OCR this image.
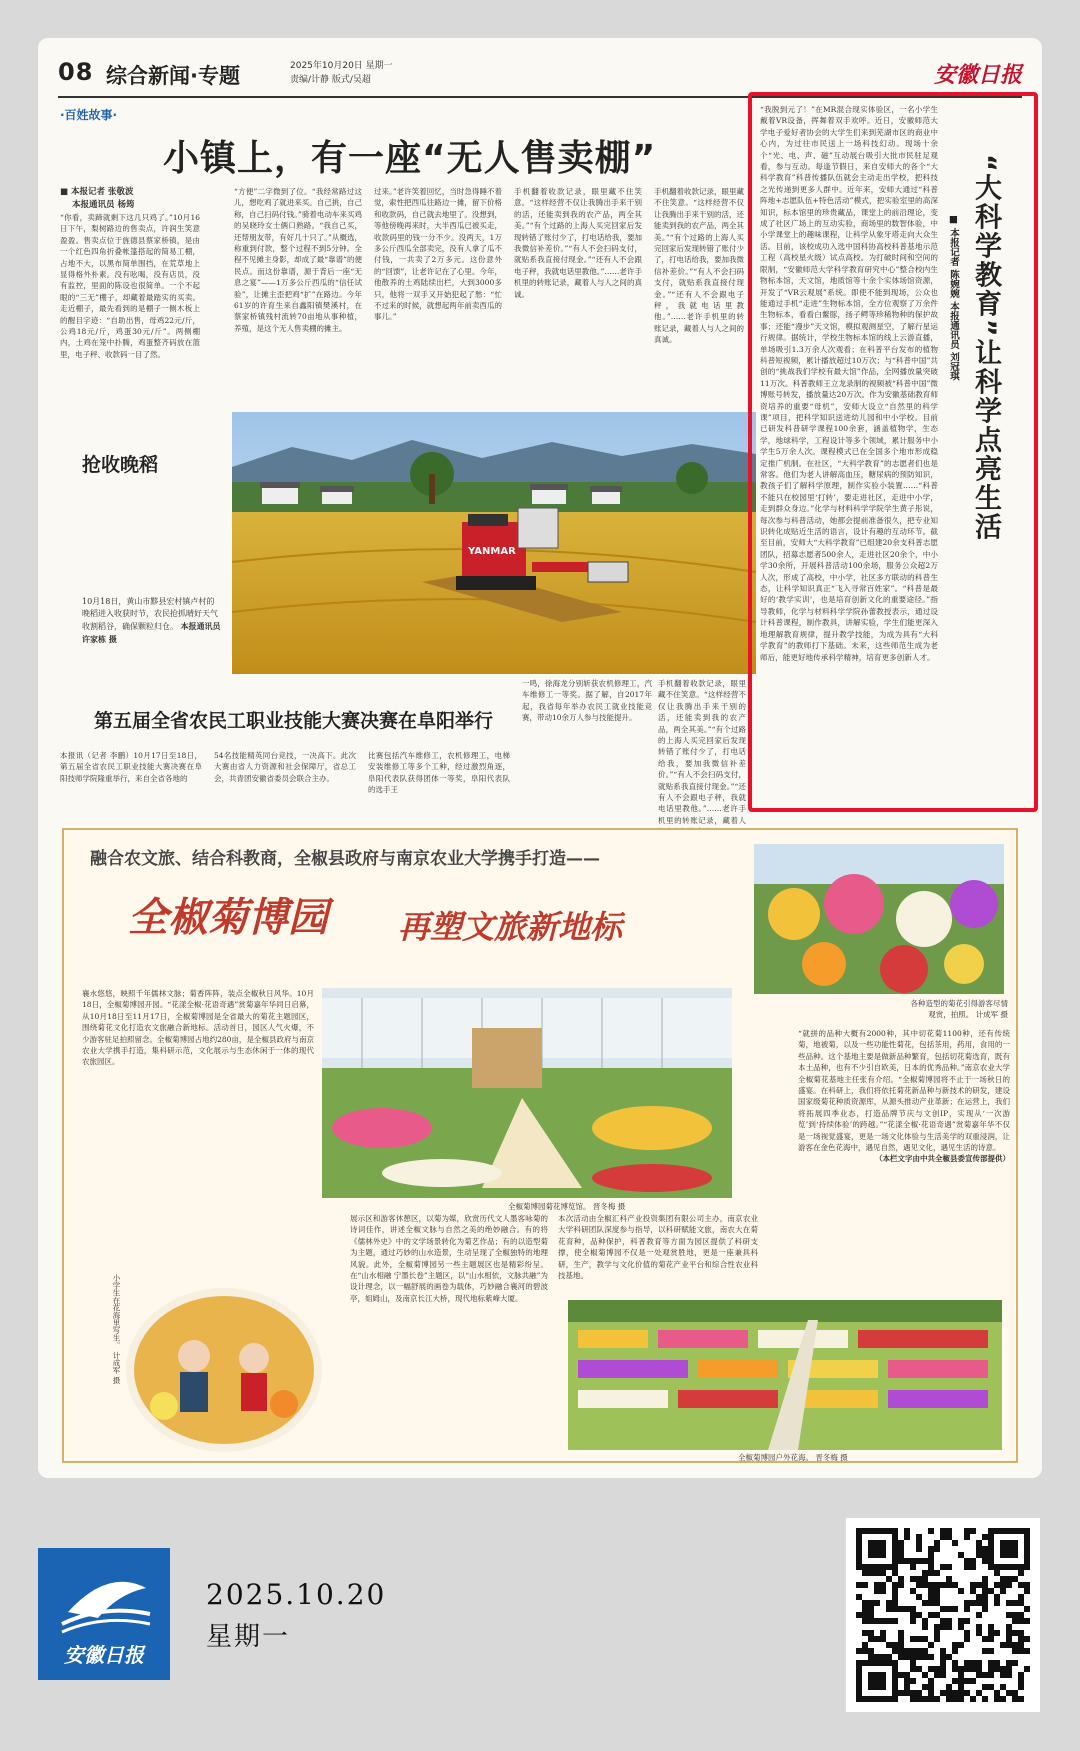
08 综合新闻·专题	2025年10月20日 星期一
责编/计静 版式/吴超	安徽日报
·百姓故事·
小镇上，有一座“无人售卖棚”
■ 本报记者 张敬波
本报通讯员 杨筠
“你看，卖蹄就剩下这几只鸡了。”10月16日下午，梨树路边的售卖点，许润生笑意盈盈。售卖点位于旌德县蔡家桥镇，是由一个红色四角折叠帐篷搭起的简易工棚，占地不大，以黑布简单围挡，在荒草地上显得格外朴素。没有吆喝，没有店员，没有监控，里面的陈设也很简单。一个不起眼的“三无”棚子，却藏着最踏实的买卖。走近棚子，最先看到的是棚子一侧木板上的醒目字迹：“自助出售，母鸡22元/斤，公鸡18元/斤，鸡蛋30元/斤”。两侧棚内，土鸡在笼中扑腾，鸡蛋整齐码放在篮里，电子秤、收款码一目了然。
“方便”二字微到了位。“我经常路过这儿，想吃鸡了就进来买。自己挑，自己称，自己扫码付钱。”骑着电动车来买鸡的吴晓玲女士俩口熟路。“我自己买，还帮朋友带，有好几十只了。”从概选，称重到付款，整个过程不到5分钟。全程不见摊主身影，却成了最“靠谱”的便民点。而这份靠谱，源于背后一座“无息之宴”——1万多公斤西瓜的“信任试验”，让摊主歪把鸡“扩”在路边。今年61岁的许育生来自鑫阳镇樊溪村，在蔡家桥镇残村流转70亩地从事种植，养殖，是这个无人售卖棚的摊主。
过来。”老许笑着回忆，当时急得睡不着觉，索性把西瓜往路边一摊，留下价格和收款码，自己就去地里了。没想到，等他傍晚再来时，大半西瓜已被买走，收款码里的钱一分不少。没两天，1万多公斤西瓜全部卖完，没有人拿了瓜不付钱，一共卖了2万多元。这份意外的“回馈”，让老许记在了心里。今年，他散养的土鸡陆续出栏，大到3000多只，他将一双手又开始犯起了愁：“忙不过来的时候，就想起两年前卖西瓜的事儿。”
手机翻着收款记录，眼里藏不住笑意。“这样经营不仅让我腾出手来干别的活，还能卖到我的农产品，两全其美。”“有个过路的上海人买完回家后发现转错了账付少了，打电话给我，要加我微信补差价。”“有人不会扫码支付，就贴系我直接付现金。”“还有人不会跟电子秤，我就电话里教他。”……老许手机里的转账记录，藏着人与人之间的真诚。
手机翻着收款记录，眼里藏不住笑意。“这样经营不仅让我腾出手来干别的活，还能卖到我的农产品，两全其美。”“有个过路的上海人买完回家后发现转错了账付少了，打电话给我，要加我微信补差价。”“有人不会扫码支付，就贴系我直接付现金。”“还有人不会跟电子秤，我就电话里教他。”……老许手机里的转账记录，藏着人与人之间的真诚。
抢收晚稻
10月18日，黄山市黟县宏村镇卢村的晚稻进入收获时节，农民抢抓晴好天气收割稻谷，确保颗粒归仓。 本报通讯员 许家栋 摄
YANMAR
第五届全省农民工职业技能大赛决赛在阜阳举行
本报讯（记者 李鹏）10月17日至18日，第五届全省农民工职业技能大赛决赛在阜阳技师学院隆重举行，来自全省各地的
54名技能精英同台竞技，一决高下。此次大赛由省人力资源和社会保障厅，省总工会，共青团安徽省委员会联合主办。
比赛包括汽车维修工，农机修理工，电梯安装维修工等多个工种，经过激烈角逐，阜阳代表队获得团体一等奖，阜阳代表队的选手王
一鸣，徐海龙分别斩获农机修理工，汽车维修工一等奖。据了解，自2017年起，我省每年举办农民工就业技能竞赛，带动10余万人参与技能提升。
手机翻着收款记录，眼里藏不住笑意。“这样经营不仅让我腾出手来干别的活，还能卖到我的农产品，两全其美。”“有个过路的上海人买完回家后发现转错了账付少了，打电话给我，要加我微信补差价。”“有人不会扫码支付，就贴系我直接付现金。”“还有人不会跟电子秤，我就电话里教他。”……老许手机里的转账记录，藏着人
“我脱到元了！”在MR混合现实体验区，一名小学生戴着VR设备，挥舞着双手欢呼。近日，安徽师范大学电子爱好者协会的大学生们来到芜湖市区的商业中心内，为过往市民送上一场科技幻动。现场十余个“光、电、声、磁”互动展台吸引大批市民驻足观看，参与互动。每逢节假日，来自安师大的各个“大科学教育”科普传播队伍就会主动走出学校，把科技之光传递到更多人群中。近年来，安师大通过“科普阵地+志愿队伍+特色活动”模式，把实验室里的高深知识，标本馆里的珍贵藏品，课堂上的前沿理论，变成了社区广场上的互动实验，商场里的数智体验，中小学课堂上的趣味课程，让科学从象牙塔走向大众生活。目前，该校成功入选中国科协高校科普基地示范工程（高校星火级）试点高校。为打破时间和空间的限制，“安徽师范大学科学教育研究中心”整合校内生物标本馆，天文馆，地质馆等十余个实体场馆资源，开发了“VR云观展”系统。即使不能到现场，公众也能通过手机“走进”生物标本馆，全方位观察了万余件生物标本，看看白鳖豚，扬子鳄等珍稀物种的保护故事；还能“漫步”天文馆，模拟观测星空，了解行星运行规律。据统计，学校生物标本馆的线上云游直播，单场吸引1.3万余人次观看；在科普平台发布的植物科普短视频，累计播放超过10万次；与“科普中国”共创的“挑战我们学校有最大馆”作品，全网播放量突破11万次。科普教师王立龙录制的视频被“科普中国”微博账号转发，播放量达20万次。作为安徽基础教育师资培养的重要“母机”，安师大设立“自然里的科学课”项目，把科学知识送进幼儿园和中小学校。目前已研发科普研学课程100余套，涵盖植物学，生态学，地球科学，工程设计等多个领域，累计服务中小学生5万余人次。课程模式已在全国多个地市形成稳定推广机制。在社区，“大科学教育”的志愿者们也是常客。他们为老人讲解高血压，糖尿病的预防知识，教孩子们了解科学原理，制作实验小装置……“科普不能只在校园里‘打转’，要走进社区，走进中小学，走到群众身边。”化学与材料科学学院学生黄子彤说，每次参与科普活动，她都会提前准备很久，把专业知识转化成贴近生活的语言，设计有趣的互动环节。截至目前，安师大“大科学教育”已组建20余支科普志愿团队，招募志愿者500余人，走进社区20余个，中小学30余所，开展科普活动100余场，服务公众超2万人次，形成了高校，中小学，社区多方联动的科普生态，让科学知识真正“飞入寻常百姓家”。“科普是最好的‘教学实训’，也是培育创新文化的重要途径。”指导教师，化学与材料科学学院孙蕾教授表示，通过设计科普课程，制作教具，讲解实验，学生们能更深入地理解教育规律，提升教学技能，为成为具有“大科学教育”的教师打下基础。未来，这些师范生成为老师后，能更好地传承科学精神，培育更多创新人才。
“大科学教育”让科学点亮生活
■ 本报记者 陈婉婉 本报通讯员 刘冠琪
融合农文旅、结合科教商，全椒县政府与南京农业大学携手打造——
全椒菊博园 再塑文旅新地标
各种造型的菊花引得游客尽情观赏，拍照。 计成军 摄
襄水悠悠，映照千年儒林文脉；菊香阵阵，装点全椒秋日风华。10月18日，全椒菊博园开园。“花漾全椒·花语奇遇”赏菊嘉年华同日启幕，从10月18日至11月17日，全椒菊博园是全省最大的菊花主题园区，围绕菊花文化打造农文旅融合新地标。活动首日，园区人气火爆，不少游客驻足拍照留念。全椒菊博园占地约280亩，是全椒县政府与南京农业大学携手打造，集科研示范，文化展示与生态休闲于一体的现代农旅园区。
全椒菊博园菊花博览馆。 晋冬梅 摄
“就拼的品种大概有2000种，其中切花菊1100种，还有传统菊，地被菊，以及一些功能性菊花，包括茶用，药用，食用的一些品种。这个基地主要是做新品种繁育，包括切花菊选育，既有本土品种，也有不少引自欧美，日本的优秀品种。”南京农业大学全椒菊花基地主任张有介绍。“全椒菊博园将不止于一场秋日的盛宴。在科研上，我们将依托菊花新品种与新技术的研发，建设国家级菊花种质资源库，从源头推动产业革新；在运营上，我们将拓展四季业态，打造品牌节庆与文创IP，实现从‘一次游览’到‘持续体验’的跨越。”“花漾全椒·花语奇遇”赏菊嘉年华不仅是一场视觉盛宴，更是一场文化体验与生活美学的双重浸润，让游客在金色花海中，遇见自然，遇见文化，遇见生活的诗意。
（本栏文字由中共全椒县委宣传部提供）
小学生在花海里写生。 计成军 摄
展示区和游客休憩区，以菊为媒，欣赏历代文人墨客咏菊的诗词佳作，讲述全椒文脉与自然之美的绝妙融合。有的将《儒林外史》中的文学场景转化为菊艺作品；有的以造型菊为主题，通过巧妙的山水造景，生动呈现了全椒独特的地理风貌。此外，全椒菊博园另一些主题展区也是精彩纷呈。在“山水相融 宁墨长卷”主题区，以“山水相依，文脉共融”为设计理念，以一幅舒展的画卷为载体，巧妙融合襄河的碧波亭，姐姆山，及南京长江大桥，现代地标紫峰大厦。
本次活动由全椒汇科产业投资集团有限公司主办，南京农业大学科研团队深度参与指导，以科研赋能文旅，南农大在菊花育种，品种保护，科普教育等方面为园区提供了科研支撑，使全椒菊博园不仅是一处观赏胜地，更是一座兼具科研，生产，教学与文化价值的菊花产业平台和综合性农业科技基地。
全椒菊博园户外花海。 晋冬梅 摄
安徽日报
2025.10.20
星期一
